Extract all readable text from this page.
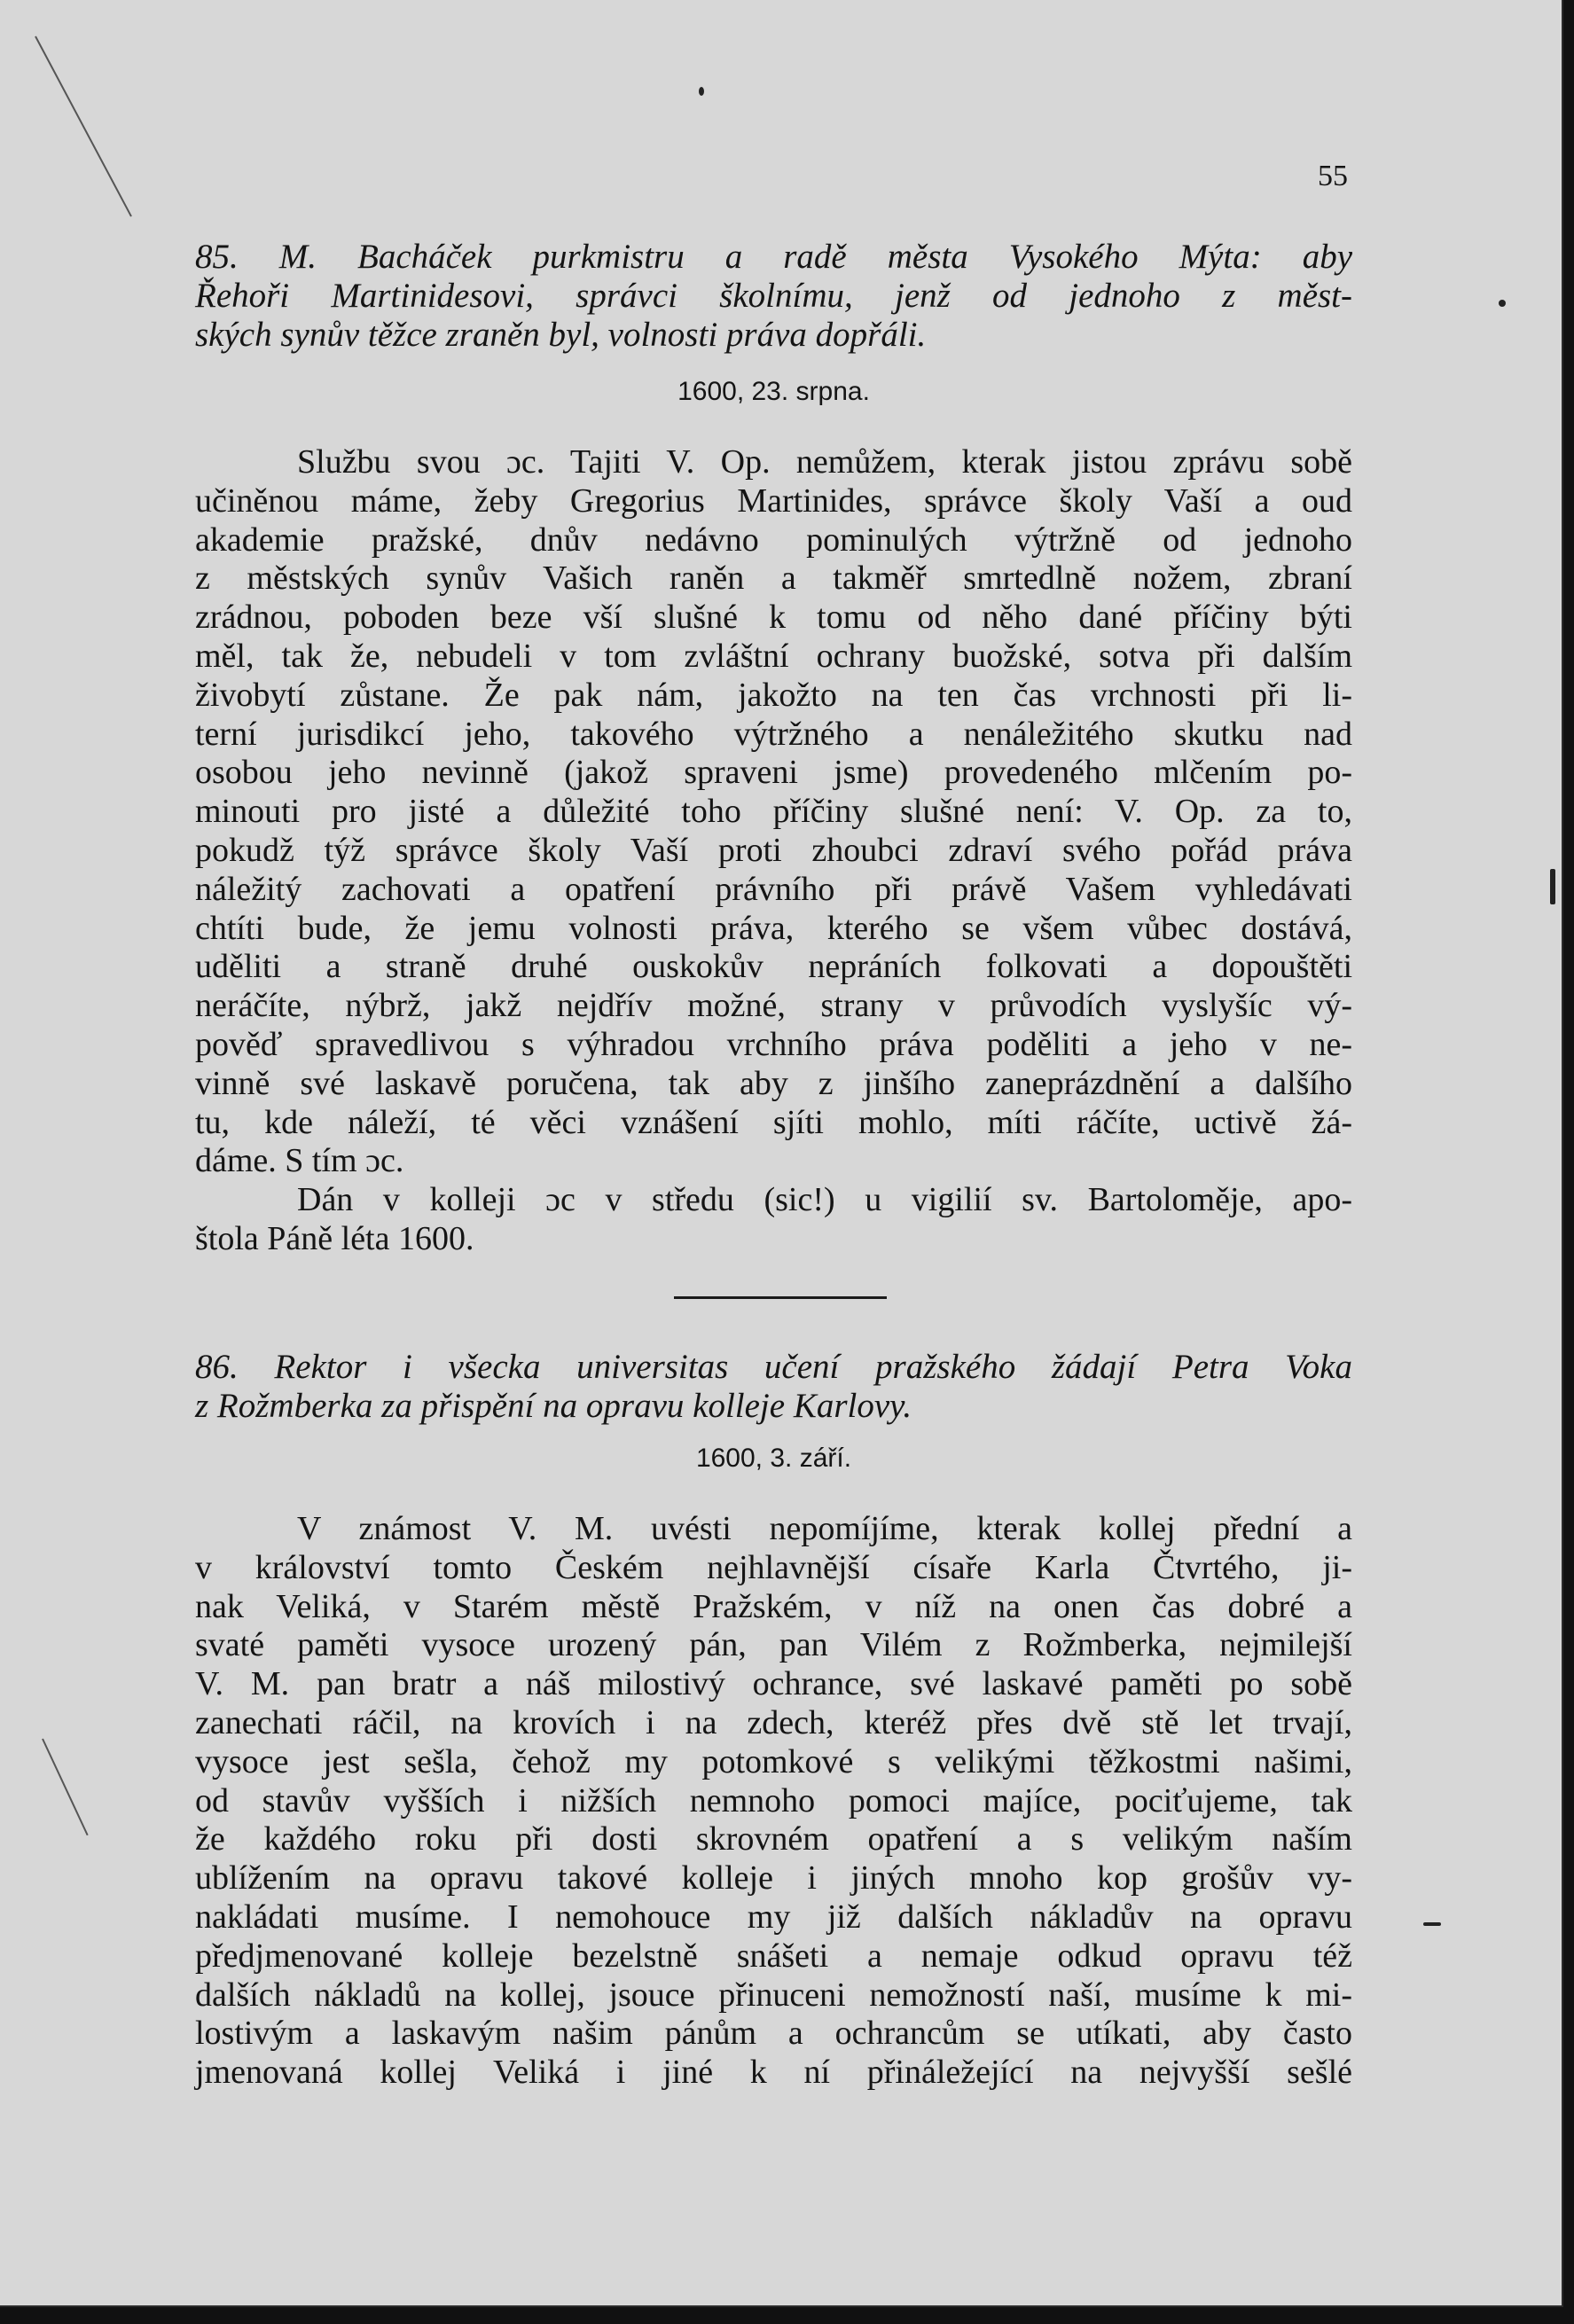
55
85. M. Bacháček purkmistru a radě města Vysokého Mýta: aby
Řehoři Martinidesovi, správci školnímu, jenž od jednoho z měst-
ských synův těžce zraněn byl, volnosti práva dopřáli.
1600, 23. srpna.
Službu svou ɔc. Tajiti V. Op. nemůžem, kterak jistou zprávu sobě
učiněnou máme, žeby Gregorius Martinides, správce školy Vaší a oud
akademie pražské, dnův nedávno pominulých výtržně od jednoho
z městských synův Vašich raněn a takměř smrtedlně nožem, zbraní
zrádnou, poboden beze vší slušné k tomu od něho dané příčiny býti
měl, tak že, nebudeli v tom zvláštní ochrany buožské, sotva při dalším
živobytí zůstane. Že pak nám, jakožto na ten čas vrchnosti při li-
terní jurisdikcí jeho, takového výtržného a nenáležitého skutku nad
osobou jeho nevinně (jakož spraveni jsme) provedeného mlčením po-
minouti pro jisté a důležité toho příčiny slušné není: V. Op. za to,
pokudž týž správce školy Vaší proti zhoubci zdraví svého pořád práva
náležitý zachovati a opatření právního při právě Vašem vyhledávati
chtíti bude, že jemu volnosti práva, kterého se všem vůbec dostává,
uděliti a straně druhé ouskokův nepráních folkovati a dopouštěti
neráčíte, nýbrž, jakž nejdřív možné, strany v průvodích vyslyšíc vý-
pověď spravedlivou s výhradou vrchního práva poděliti a jeho v ne-
vinně své laskavě poručena, tak aby z jinšího zaneprázdnění a dalšího
tu, kde náleží, té věci vznášení sjíti mohlo, míti ráčíte, uctivě žá-
dáme. S tím ɔc.
Dán v kolleji ɔc v středu (sic!) u vigilií sv. Bartoloměje, apo-
štola Páně léta 1600.
86. Rektor i všecka universitas učení pražského žádají Petra Voka
z Rožmberka za přispění na opravu kolleje Karlovy.
1600, 3. září.
V známost V. M. uvésti nepomíjíme, kterak kollej přední a
v království tomto Českém nejhlavnější císaře Karla Čtvrtého, ji-
nak Veliká, v Starém městě Pražském, v níž na onen čas dobré a
svaté paměti vysoce urozený pán, pan Vilém z Rožmberka, nejmilejší
V. M. pan bratr a náš milostivý ochrance, své laskavé paměti po sobě
zanechati ráčil, na krovích i na zdech, kteréž přes dvě stě let trvají,
vysoce jest sešla, čehož my potomkové s velikými těžkostmi našimi,
od stavův vyšších i nižších nemnoho pomoci majíce, pociťujeme, tak
že každého roku při dosti skrovném opatření a s velikým naším
ublížením na opravu takové kolleje i jiných mnoho kop grošův vy-
nakládati musíme. I nemohouce my již dalších nákladův na opravu
předjmenované kolleje bezelstně snášeti a nemaje odkud opravu též
dalších nákladů na kollej, jsouce přinuceni nemožností naší, musíme k mi-
lostivým a laskavým našim pánům a ochrancům se utíkati, aby často
jmenovaná kollej Veliká i jiné k ní přináležející na nejvyšší sešlé
